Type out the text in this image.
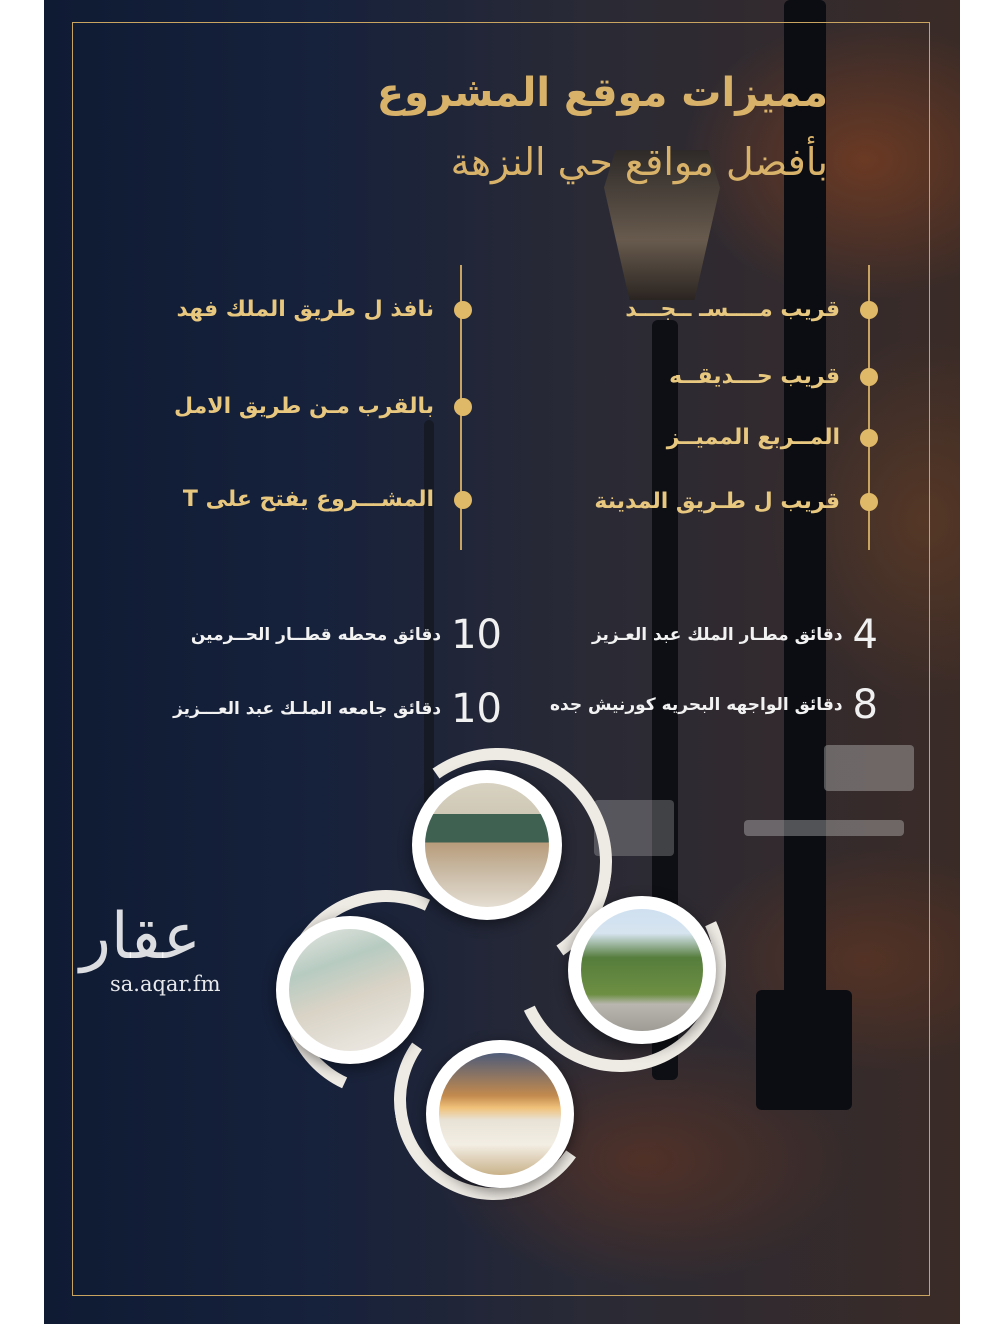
مميزات موقع المشروع
بأفضل مواقع حي النزهة
قريب مــــسـ ــجـــد
قريب حـــديقــه
المــربع المميــز
قريب ل طـريق المدينة
نافذ ل طريق الملك فهد
بالقرب مـن طريق الامل
المشـــروع يفتح على T
4
دقائق مطـار الملك عبد العـزيز
8
دقائق الواجهه البحريه كورنيش جده
10
دقائق محطه قطــار الحــرمين
10
دقائق جامعه الملـك عبد العـــزيز
عقار
sa.aqar.fm
